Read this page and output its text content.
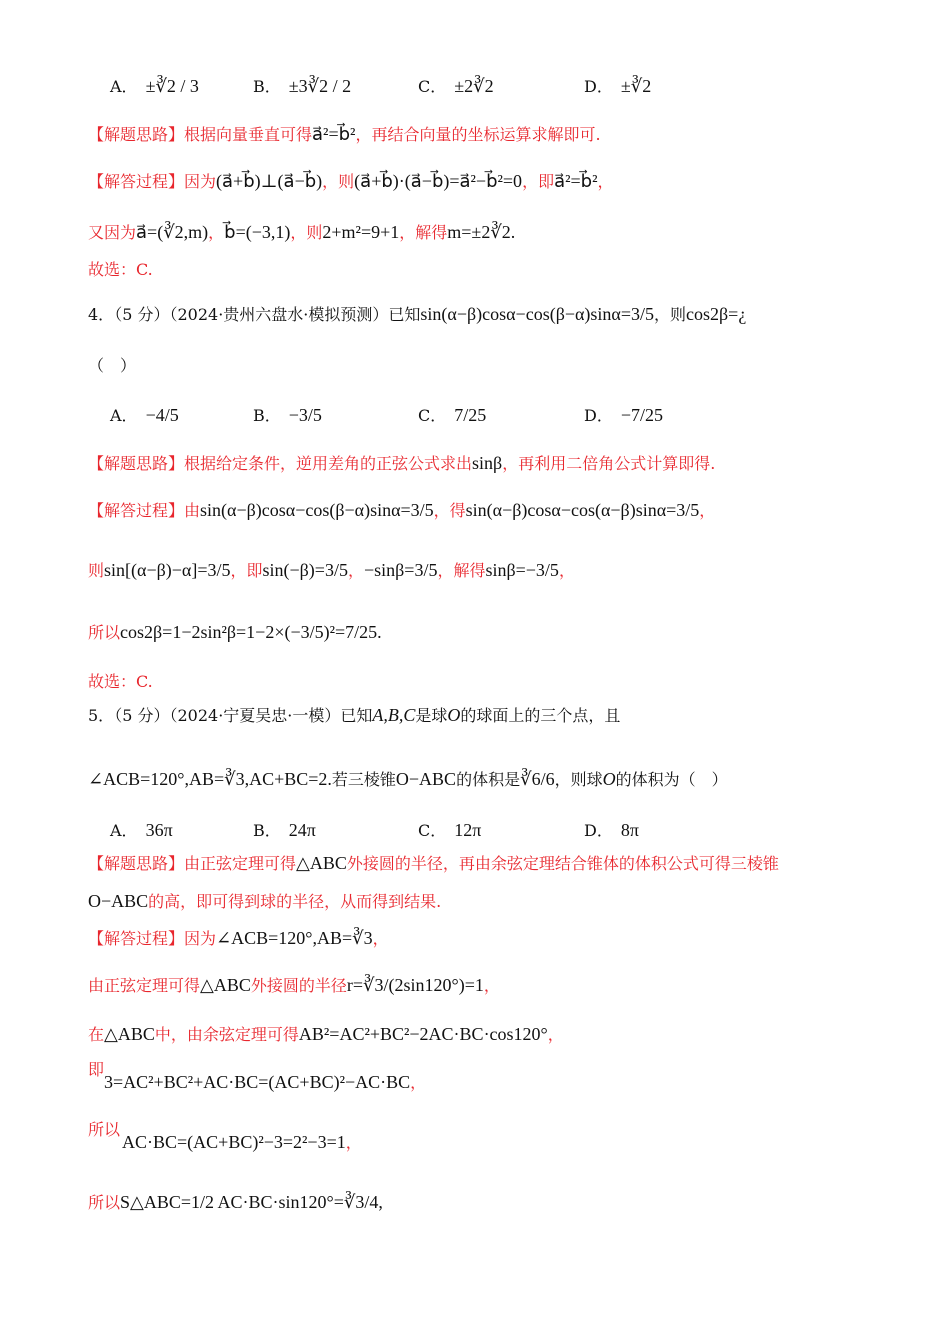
A． ±∛2 / 3	B． ±3∛2 / 2	C． ±2∛2	D． ±∛2
【解题思路】根据向量垂直可得a⃗²=b⃗²，再结合向量的坐标运算求解即可.
【解答过程】因为(a⃗+b⃗)⊥(a⃗−b⃗)，则(a⃗+b⃗)·(a⃗−b⃗)=a⃗²−b⃗²=0，即a⃗²=b⃗²，
又因为a⃗=(∛2,m)，b⃗=(−3,1)，则2+m²=9+1，解得m=±2∛2.
故选：C.
4．（5 分）（2024·贵州六盘水·模拟预测）已知sin(α−β)cosα−cos(β−α)sinα=3/5，则cos2β=¿
（　）
A． −4/5	B． −3/5	C． 7/25	D． −7/25
【解题思路】根据给定条件，逆用差角的正弦公式求出sinβ，再利用二倍角公式计算即得.
【解答过程】由sin(α−β)cosα−cos(β−α)sinα=3/5，得sin(α−β)cosα−cos(α−β)sinα=3/5，
则sin[(α−β)−α]=3/5，即sin(−β)=3/5，−sinβ=3/5，解得sinβ=−3/5，
所以cos2β=1−2sin²β=1−2×(−3/5)²=7/25.
故选：C.
5．（5 分）（2024·宁夏吴忠·一模）已知A,B,C是球O的球面上的三个点，且
∠ACB=120°,AB=∛3,AC+BC=2.若三棱锥O−ABC的体积是∛6/6，则球O的体积为（　）
A． 36π	B． 24π	C． 12π	D． 8π
【解题思路】由正弦定理可得△ABC外接圆的半径，再由余弦定理结合锥体的体积公式可得三棱锥
O−ABC的高，即可得到球的半径，从而得到结果.
【解答过程】因为∠ACB=120°,AB=∛3，
由正弦定理可得△ABC外接圆的半径r=∛3/(2sin120°)=1，
在△ABC中，由余弦定理可得AB²=AC²+BC²−2AC·BC·cos120°，
即
3=AC²+BC²+AC·BC=(AC+BC)²−AC·BC，
所以
AC·BC=(AC+BC)²−3=2²−3=1，
所以S△ABC=1/2 AC·BC·sin120°=∛3/4,
